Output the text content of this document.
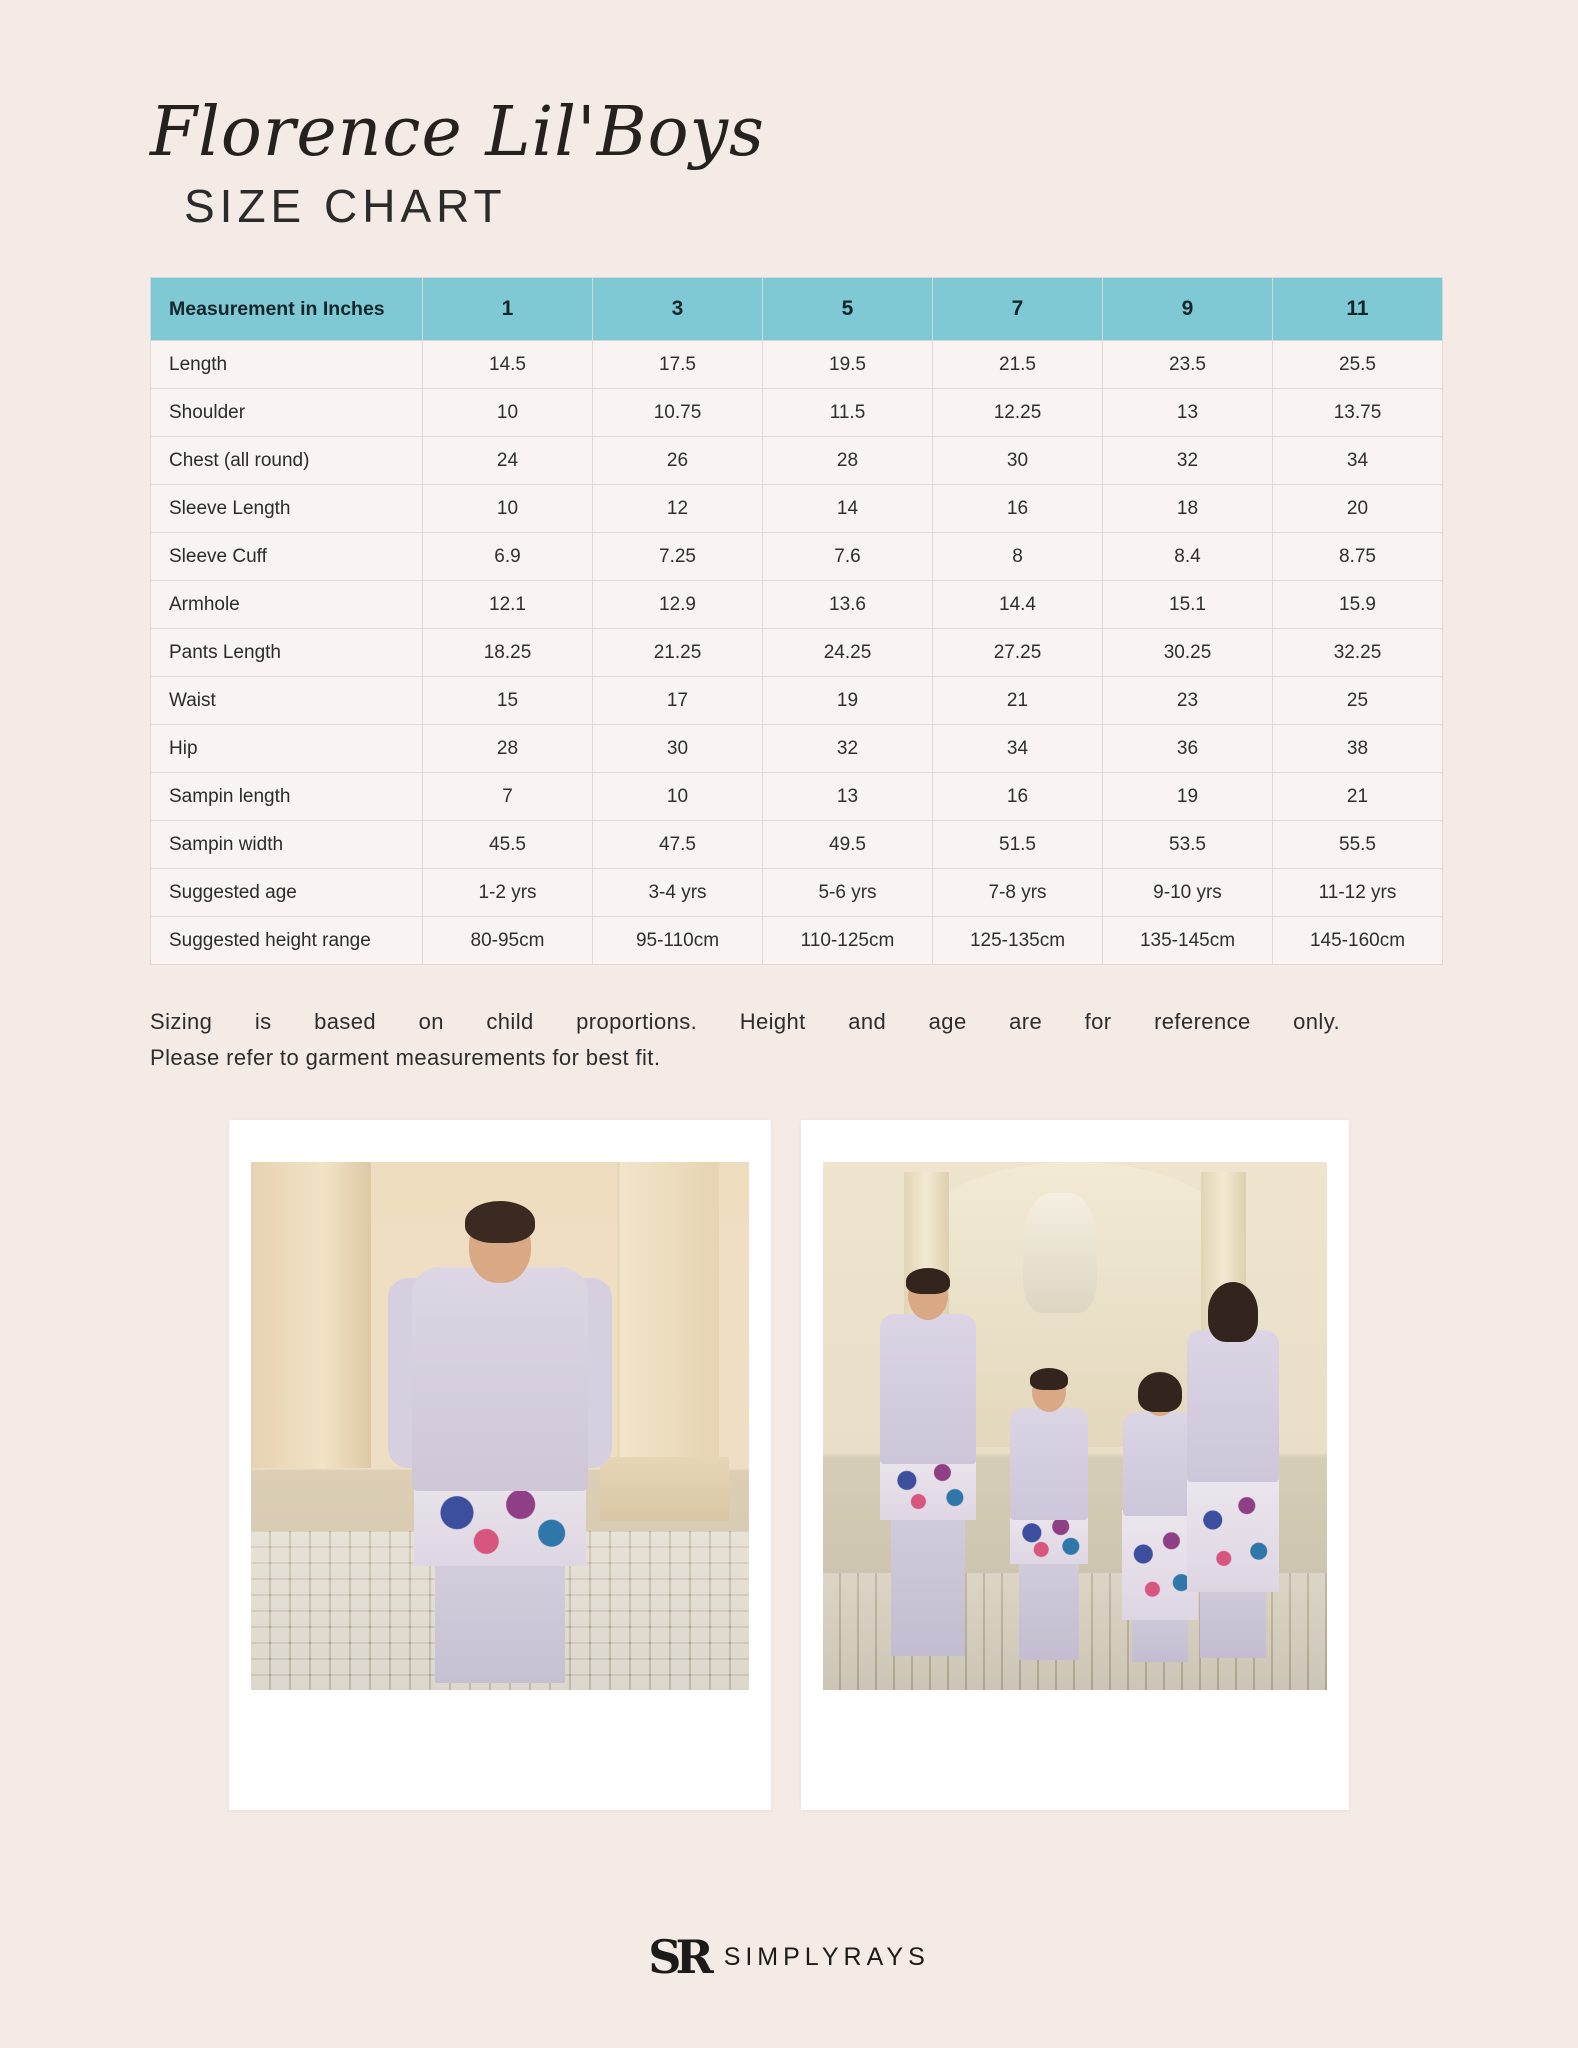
Florence Lil'Boys
SIZE CHART
Measurement in Inches	1	3	5	7	9	11
Length	14.5	17.5	19.5	21.5	23.5	25.5
Shoulder	10	10.75	11.5	12.25	13	13.75
Chest (all round)	24	26	28	30	32	34
Sleeve Length	10	12	14	16	18	20
Sleeve Cuff	6.9	7.25	7.6	8	8.4	8.75
Armhole	12.1	12.9	13.6	14.4	15.1	15.9
Pants Length	18.25	21.25	24.25	27.25	30.25	32.25
Waist	15	17	19	21	23	25
Hip	28	30	32	34	36	38
Sampin length	7	10	13	16	19	21
Sampin width	45.5	47.5	49.5	51.5	53.5	55.5
Suggested age	1-2 yrs	3-4 yrs	5-6 yrs	7-8 yrs	9-10 yrs	11-12 yrs
Suggested height range	80-95cm	95-110cm	110-125cm	125-135cm	135-145cm	145-160cm
Sizing is based on child proportions. Height and age are for reference only.
Please refer to garment measurements for best fit.
SR SIMPLYRAYS
